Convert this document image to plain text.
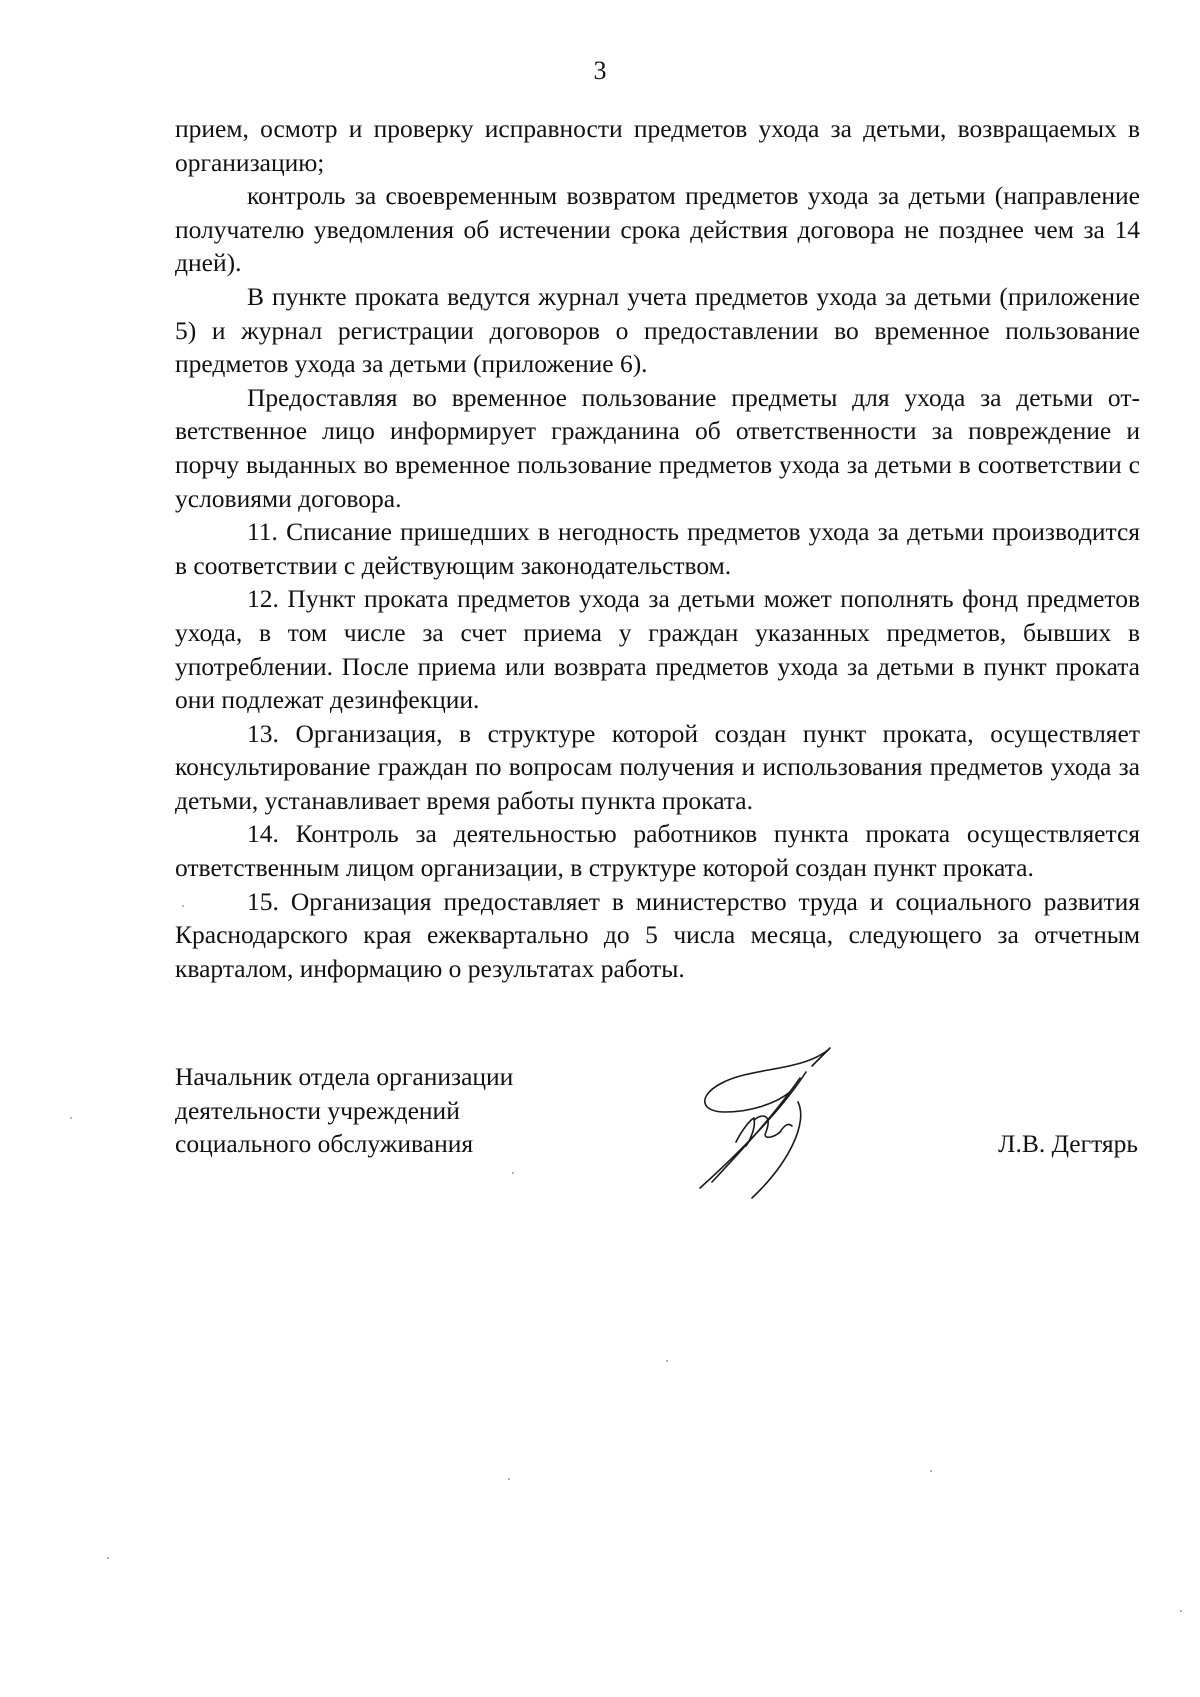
3

прием, осмотр и проверку исправности предметов ухода за детьми, возвращаемых в организацию;

контроль за своевременным возвратом предметов ухода за детьми (направление получателю уведомления об истечении срока действия договора не позднее чем за 14 дней).

В пункте проката ведутся журнал учета предметов ухода за детьми (приложение 5) и журнал регистрации договоров о предоставлении во временное пользование предметов ухода за детьми (приложение 6).

Предоставляя во временное пользование предметы для ухода за детьми ответственное лицо информирует гражданина об ответственности за повреждение и порчу выданных во временное пользование предметов ухода за детьми в соответствии с условиями договора.

11. Списание пришедших в негодность предметов ухода за детьми производится в соответствии с действующим законодательством.

12. Пункт проката предметов ухода за детьми может пополнять фонд предметов ухода, в том числе за счет приема у граждан указанных предметов, бывших в употреблении. После приема или возврата предметов ухода за детьми в пункт проката они подлежат дезинфекции.

13. Организация, в структуре которой создан пункт проката, осуществляет консультирование граждан по вопросам получения и использования предметов ухода за детьми, устанавливает время работы пункта проката.

14. Контроль за деятельностью работников пункта проката осуществляется ответственным лицом организации, в структуре которой создан пункт проката.

15. Организация предоставляет в министерство труда и социального развития Краснодарского края ежеквартально до 5 числа месяца, следующего за отчетным кварталом, информацию о результатах работы.

Начальник отдела организации
деятельности учреждений
социального обслуживания	Л.В. Дегтярь
